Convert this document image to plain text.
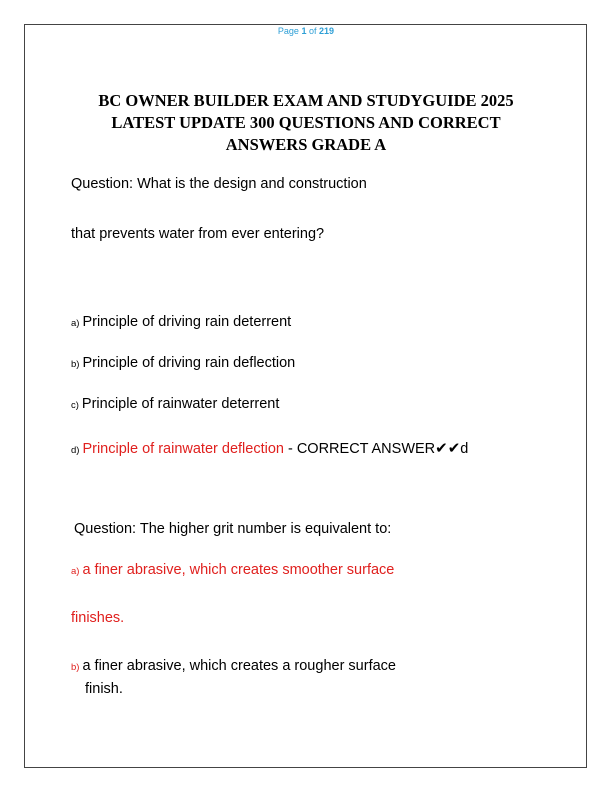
Page 1 of 219
BC OWNER BUILDER EXAM AND STUDYGUIDE 2025
LATEST UPDATE 300 QUESTIONS AND CORRECT
ANSWERS GRADE A
Question: What is the design and construction
that prevents water from ever entering?
a) Principle of driving rain deterrent
b) Principle of driving rain deflection
c) Principle of rainwater deterrent
d) Principle of rainwater deflection - CORRECT ANSWER✔✔d
Question: The higher grit number is equivalent to:
a) a finer abrasive, which creates smoother surface
finishes.
b) a finer abrasive, which creates a rougher surface
finish.
